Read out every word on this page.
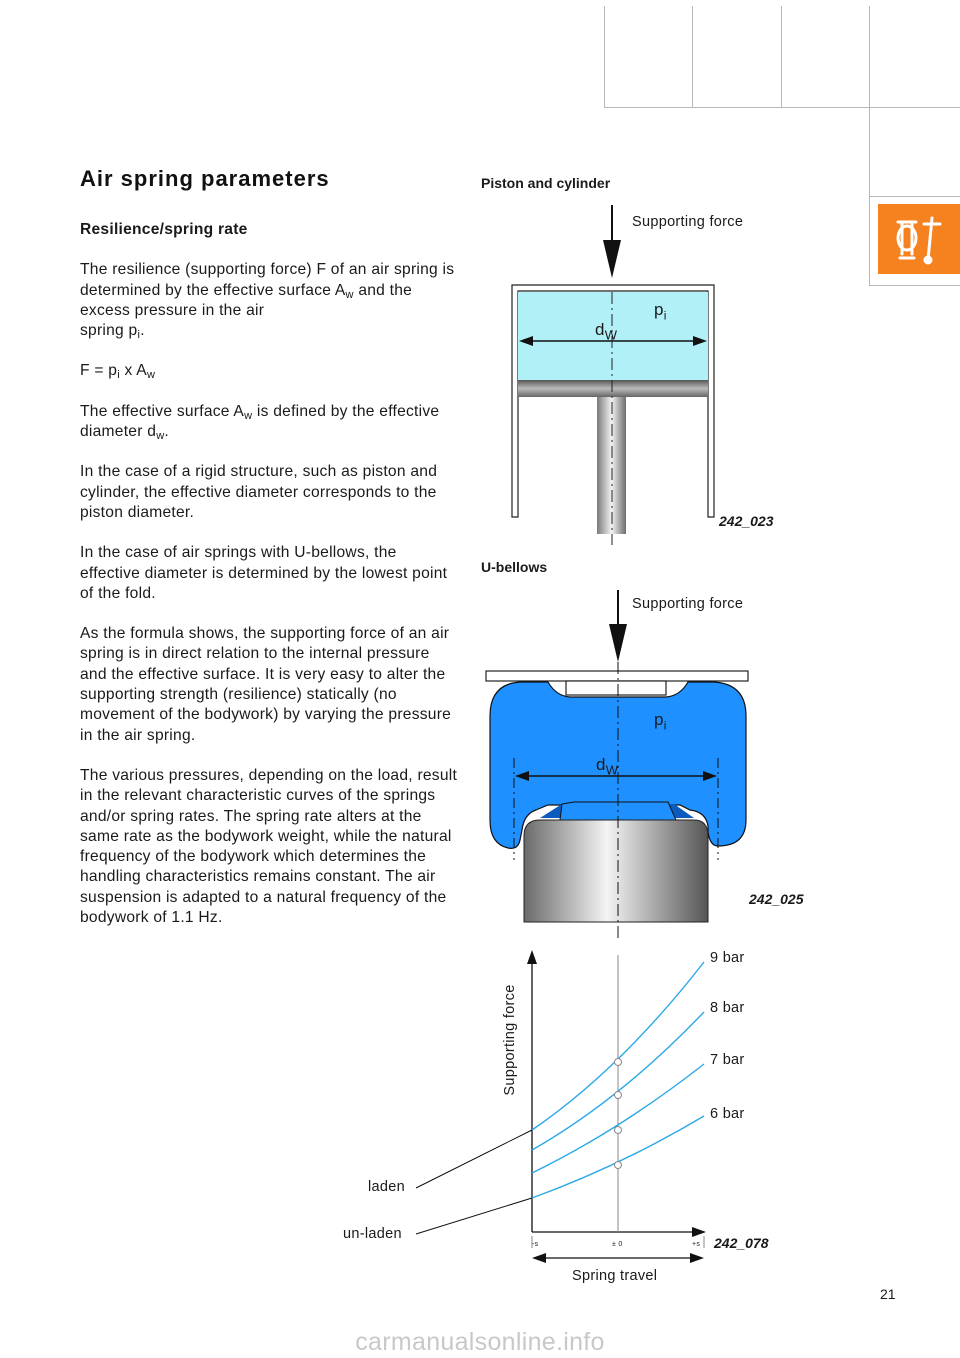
Air spring parameters

Resilience/spring rate

The resilience (supporting force) F of an air spring is determined by the effective surface $A_w$ and the excess pressure in the air
spring $p_i$.

$F = p_i$ x $A_w$

The effective surface $A_w$ is defined by the effective diameter $d_w$.

In the case of a rigid structure, such as piston and cylinder, the effective diameter corresponds to the piston diameter.

In the case of air springs with U-bellows, the effective diameter is determined by the lowest point of the fold.

As the formula shows, the supporting force of an air spring is in direct relation to the internal pressure and the effective surface. It is very easy to alter the supporting strength (resilience) statically (no movement of the bodywork) by varying the pressure in the air spring.

The various pressures, depending on the load, result in the relevant characteristic curves of the springs and/or spring rates. The spring rate alters at the same rate as the bodywork weight, while the natural frequency of the bodywork which determines the handling characteristics remains constant. The air suspension is adapted to a natural frequency of the bodywork of 1.1 Hz.

Piston and cylinder
Supporting force
$p_i$
$d_W$
242_023
U-bellows
Supporting force
$p_i$
$d_W$
242_025
Supporting force
Spring travel
-s	± 0	+s
9 bar
8 bar
7 bar
6 bar
laden
un-laden
242_078
21
carmanualsonline.info
